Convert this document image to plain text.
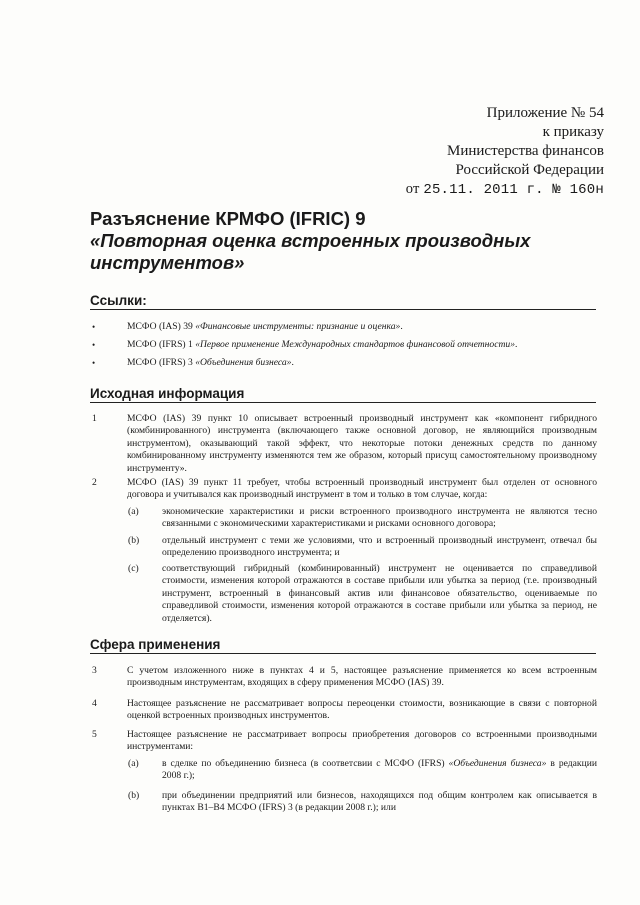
Приложение № 54
к приказу
Министерства финансов
Российской Федерации
от 25.11. 2011 г. № 160н
Разъяснение КРМФО (IFRIC) 9
«Повторная оценка встроенных производных
инструментов»
Ссылки:
•	МСФО (IAS) 39 «Финансовые инструменты: признание и оценка».
•	МСФО (IFRS) 1 «Первое применение Международных стандартов финансовой отчетности».
•	МСФО (IFRS) 3 «Объединения бизнеса».
Исходная информация
1	МСФО (IAS) 39 пункт 10 описывает встроенный производный инструмент как «компонент гибридного (комбинированного) инструмента (включающего также основной договор, не являющийся производным инструментом), оказывающий такой эффект, что некоторые потоки денежных средств по данному комбинированному инструменту изменяются тем же образом, который присущ самостоятельному производному инструменту».
2	МСФО (IAS) 39 пункт 11 требует, чтобы встроенный производный инструмент был отделен от основного договора и учитывался как производный инструмент в том и только в том случае, когда:
(a) экономические характеристики и риски встроенного производного инструмента не являются тесно связанными с экономическими характеристиками и рисками основного договора;
(b) отдельный инструмент с теми же условиями, что и встроенный производный инструмент, отвечал бы определению производного инструмента; и
(c) соответствующий гибридный (комбинированный) инструмент не оценивается по справедливой стоимости, изменения которой отражаются в составе прибыли или убытка за период (т.е. производный инструмент, встроенный в финансовый актив или финансовое обязательство, оцениваемые по справедливой стоимости, изменения которой отражаются в составе прибыли или убытка за период, не отделяется).
Сфера применения
3	С учетом изложенного ниже в пунктах 4 и 5, настоящее разъяснение применяется ко всем встроенным производным инструментам, входящих в сферу применения МСФО (IAS) 39.
4	Настоящее разъяснение не рассматривает вопросы переоценки стоимости, возникающие в связи с повторной оценкой встроенных производных инструментов.
5	Настоящее разъяснение не рассматривает вопросы приобретения договоров со встроенными производными инструментами:
(a) в сделке по объединению бизнеса (в соответсвии с МСФО (IFRS) «Объединения бизнеса» в редакции 2008 г.);
(b) при объединении предприятий или бизнесов, находящихся под общим контролем как описывается в пунктах B1–B4 МСФО (IFRS) 3 (в редакции 2008 г.); или
